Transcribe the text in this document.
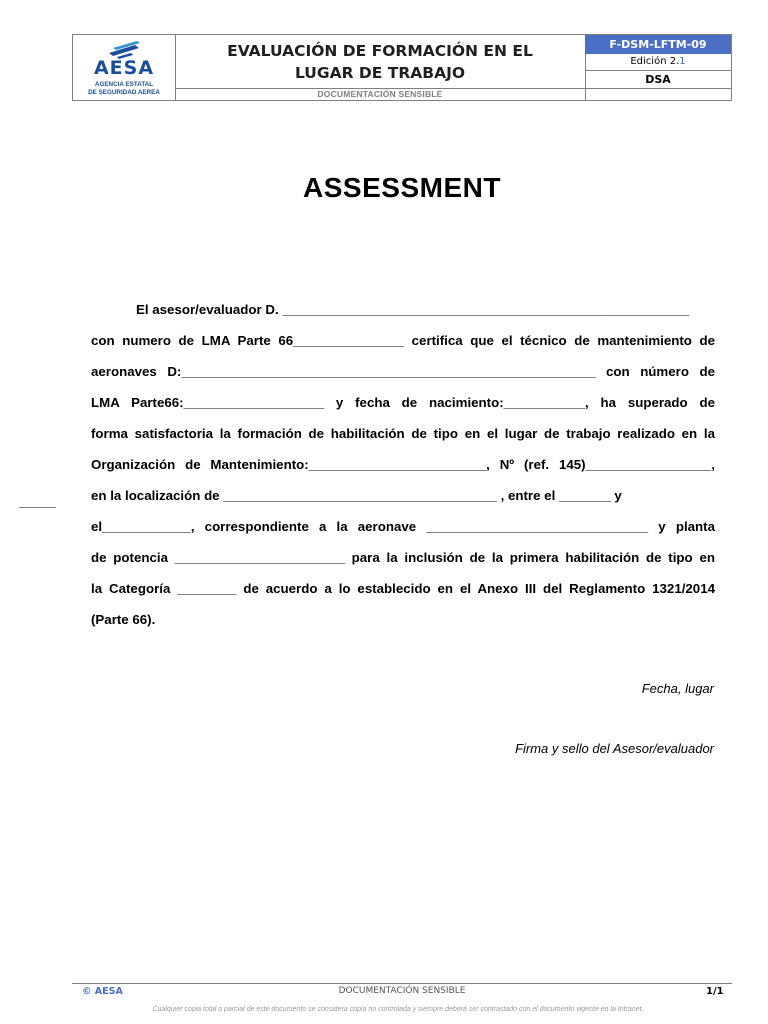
AESA
AGENCIA ESTATAL
DE SEGURIDAD AEREA
EVALUACIÓN DE FORMACIÓN EN EL LUGAR DE TRABAJO
DOCUMENTACIÓN SENSIBLE
F-DSM-LFTM-09
Edición 2.1
DSA
ASSESSMENT
El asesor/evaluador D. _______________________________________________________
con numero de LMA Parte 66_______________ certifica que el técnico de mantenimiento de
aeronaves D:________________________________________________________ con número de
LMA Parte66:___________________ y fecha de nacimiento:___________, ha superado de
forma satisfactoria la formación de habilitación de tipo en el lugar de trabajo realizado en la
Organización de Mantenimiento:________________________, Nº (ref. 145)_________________,
en la localización de _____________________________________ , entre el _______ y
el____________, correspondiente a la aeronave ______________________________ y planta
de potencia _______________________ para la inclusión de la primera habilitación de tipo en
la Categoría ________ de acuerdo a lo establecido en el Anexo III del Reglamento 1321/2014
(Parte 66).
Fecha, lugar
Firma y sello del Asesor/evaluador
© AESA	DOCUMENTACIÓN SENSIBLE	1/1
Cualquier copia total o parcial de este documento se considera copia no controlada y siempre deberá ser contrastado con el documento vigente en la Intranet.
